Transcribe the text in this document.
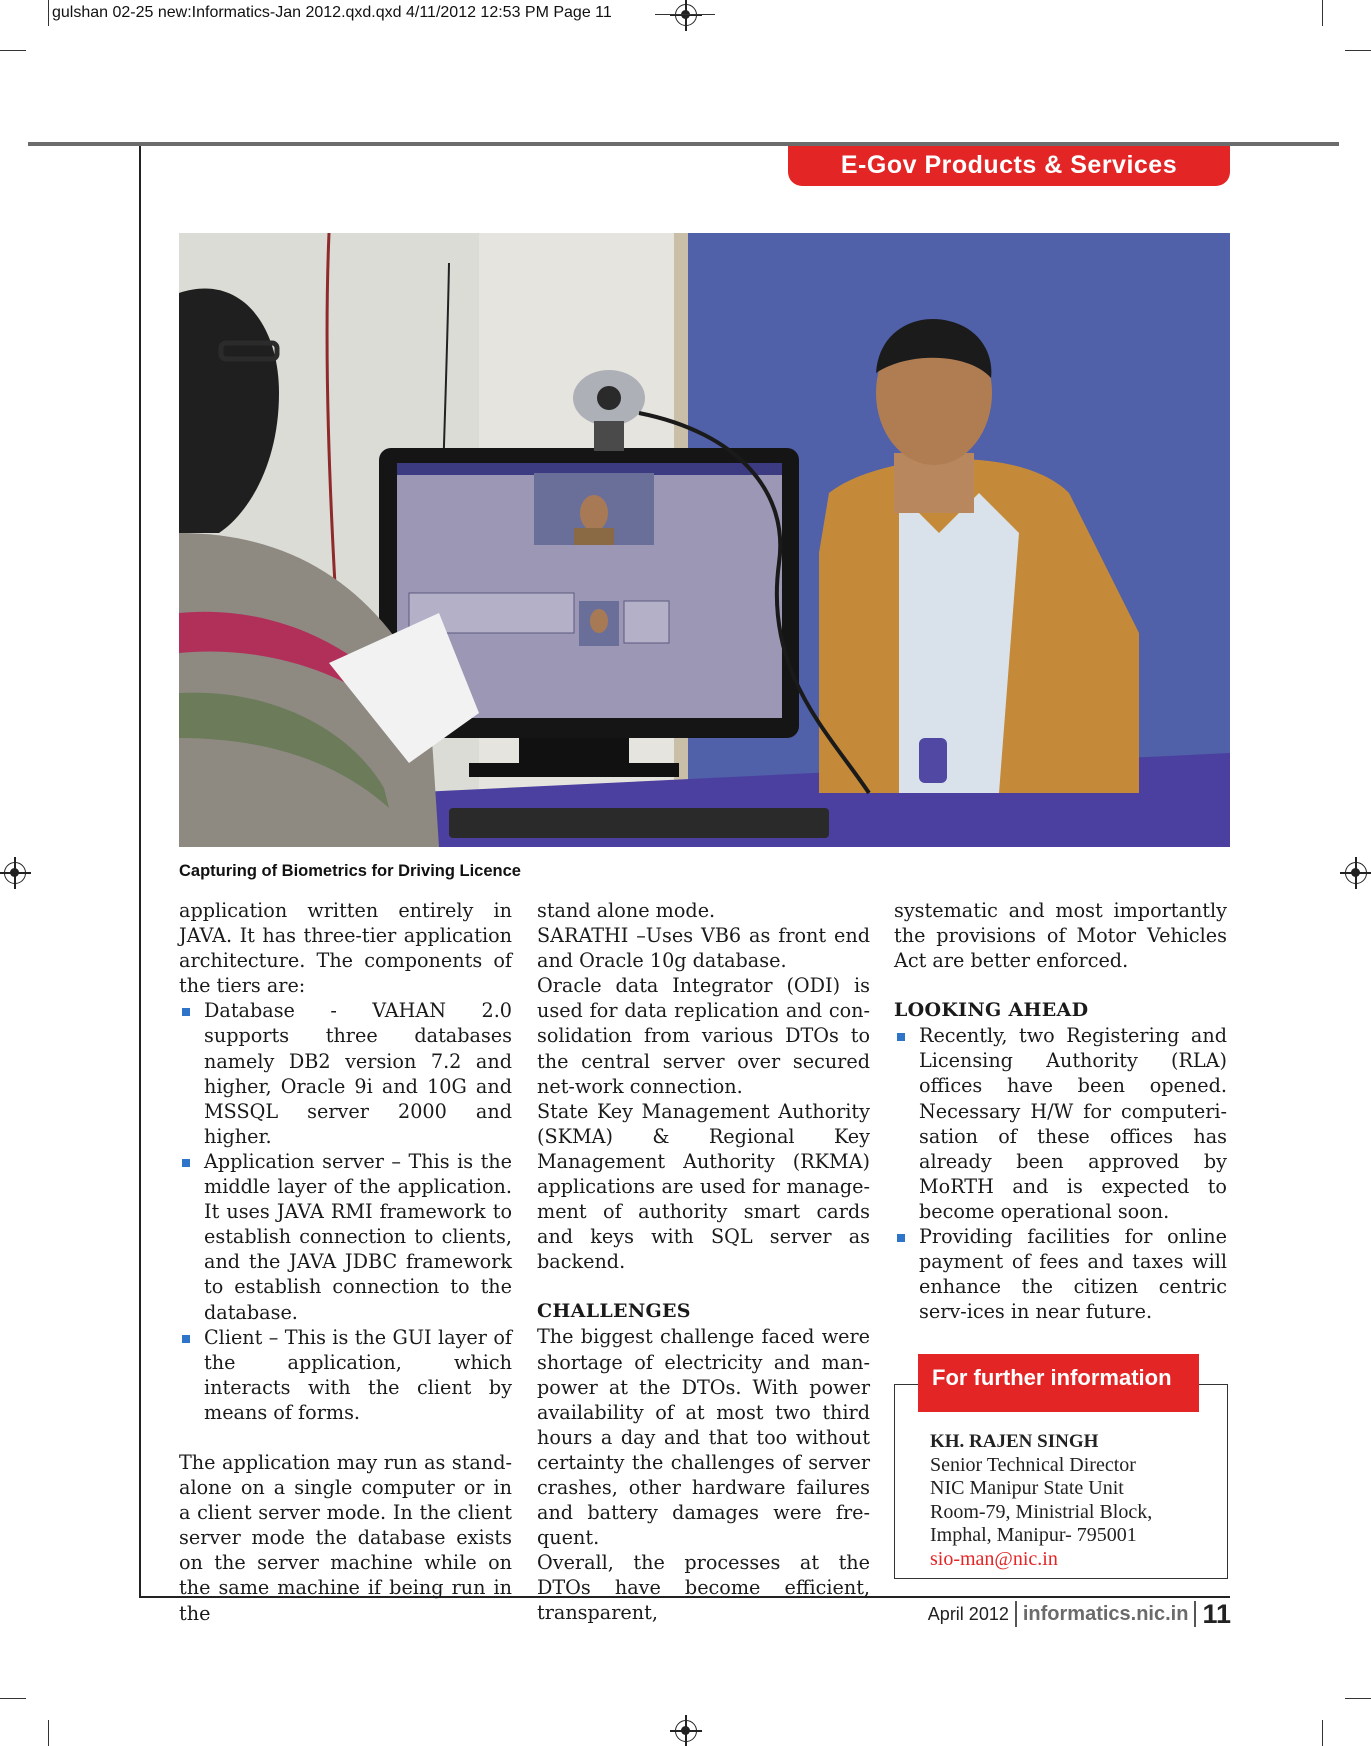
gulshan 02-25 new:Informatics-Jan 2012.qxd.qxd 4/11/2012 12:53 PM Page 11
E-Gov Products & Services
Capturing of Biometrics for Driving Licence

application written entirely in JAVA. It has three-tier application architecture. The components of the tiers are:

Database - VAHAN 2.0 supports three databases namely DB2 version 7.2 and higher, Oracle 9i and 10G and MSSQL server 2000 and higher.
Application server – This is the middle layer of the application. It uses JAVA RMI framework to establish connection to clients, and the JAVA JDBC framework to establish connection to the database.
Client – This is the GUI layer of the application, which interacts with the client by means of forms.

The application may run as stand-alone on a single computer or in a client server mode. In the client server mode the database exists on the server machine while on the same machine if being run in the

stand alone mode.

SARATHI –Uses VB6 as front end and Oracle 10g database.

Oracle data Integrator (ODI) is used for data replication and con-solidation from various DTOs to the central server over secured net-work connection.

State Key Management Authority (SKMA) & Regional Key Management Authority (RKMA) applications are used for manage-ment of authority smart cards and keys with SQL server as backend.

CHALLENGES

The biggest challenge faced were shortage of electricity and man-power at the DTOs. With power availability of at most two third hours a day and that too without certainty the challenges of server crashes, other hardware failures and battery damages were fre-quent.

Overall, the processes at the DTOs have become efficient, transparent,

systematic and most importantly the provisions of Motor Vehicles Act are better enforced.

LOOKING AHEAD
Recently, two Registering and Licensing Authority (RLA) offices have been opened. Necessary H/W for computeri-sation of these offices has already been approved by MoRTH and is expected to become operational soon.
Providing facilities for online payment of fees and taxes will enhance the citizen centric serv-ices in near future.
For further information
KH. RAJEN SINGH
Senior Technical Director
NIC Manipur State Unit
Room-79, Ministrial Block,
Imphal, Manipur- 795001
sio-man@nic.in
April 2012 informatics.nic.in 11
